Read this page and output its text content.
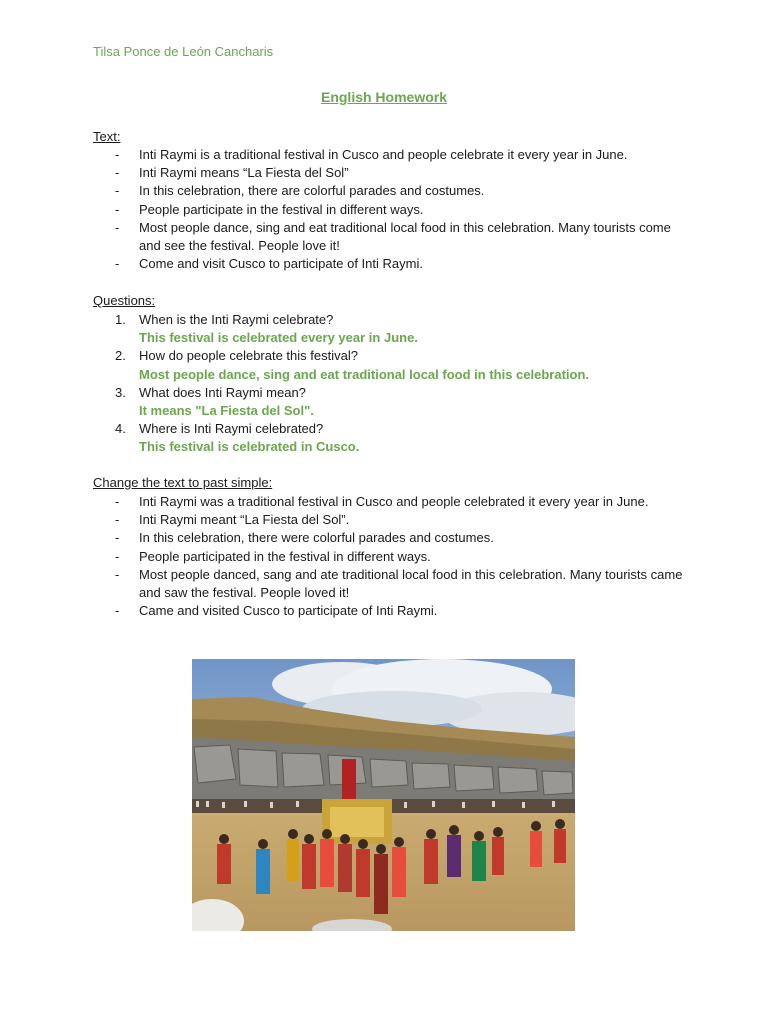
Tilsa Ponce de León Cancharis
English Homework
Text:
- Inti Raymi is a traditional festival in Cusco and people celebrate it every year in June.
- Inti Raymi means “La Fiesta del Sol”
- In this celebration, there are colorful parades and costumes.
- People participate in the festival in different ways.
- Most people dance, sing and eat traditional local food in this celebration. Many tourists come and see the festival. People love it!
- Come and visit Cusco to participate of Inti Raymi.
Questions:
1. When is the Inti Raymi celebrate?
This festival is celebrated every year in June.
2. How do people celebrate this festival?
Most people dance, sing and eat traditional local food in this celebration.
3. What does Inti Raymi mean?
It means "La Fiesta del Sol".
4. Where is Inti Raymi celebrated?
This festival is celebrated in Cusco.
Change the text to past simple:
- Inti Raymi was a traditional festival in Cusco and people celebrated it every year in June.
- Inti Raymi meant “La Fiesta del Sol”.
- In this celebration, there were colorful parades and costumes.
- People participated in the festival in different ways.
- Most people danced, sang and ate traditional local food in this celebration. Many tourists came and saw the festival. People loved it!
- Came and visited Cusco to participate of Inti Raymi.
